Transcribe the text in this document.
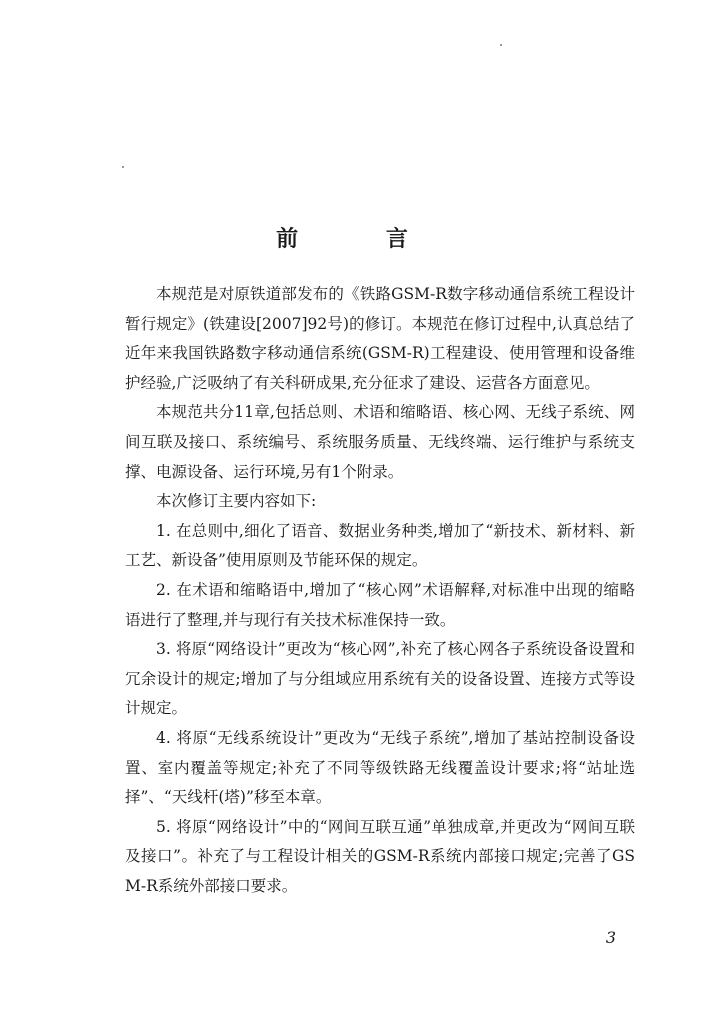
前 言

本规范是对原铁道部发布的《铁路GSM-R数字移动通信系统工程设计暂行规定》(铁建设[2007]92号)的修订。本规范在修订过程中,认真总结了近年来我国铁路数字移动通信系统(GSM-R)工程建设、使用管理和设备维护经验,广泛吸纳了有关科研成果,充分征求了建设、运营各方面意见。

本规范共分11章,包括总则、术语和缩略语、核心网、无线子系统、网间互联及接口、系统编号、系统服务质量、无线终端、运行维护与系统支撑、电源设备、运行环境,另有1个附录。

本次修订主要内容如下:

1. 在总则中,细化了语音、数据业务种类,增加了“新技术、新材料、新工艺、新设备”使用原则及节能环保的规定。

2. 在术语和缩略语中,增加了“核心网”术语解释,对标准中出现的缩略语进行了整理,并与现行有关技术标准保持一致。

3. 将原“网络设计”更改为“核心网”,补充了核心网各子系统设备设置和冗余设计的规定;增加了与分组域应用系统有关的设备设置、连接方式等设计规定。

4. 将原“无线系统设计”更改为“无线子系统”,增加了基站控制设备设置、室内覆盖等规定;补充了不同等级铁路无线覆盖设计要求;将“站址选择”、“天线杆(塔)”移至本章。

5. 将原“网络设计”中的“网间互联互通”单独成章,并更改为“网间互联及接口”。补充了与工程设计相关的GSM-R系统内部接口规定;完善了GSM-R系统外部接口要求。

3
